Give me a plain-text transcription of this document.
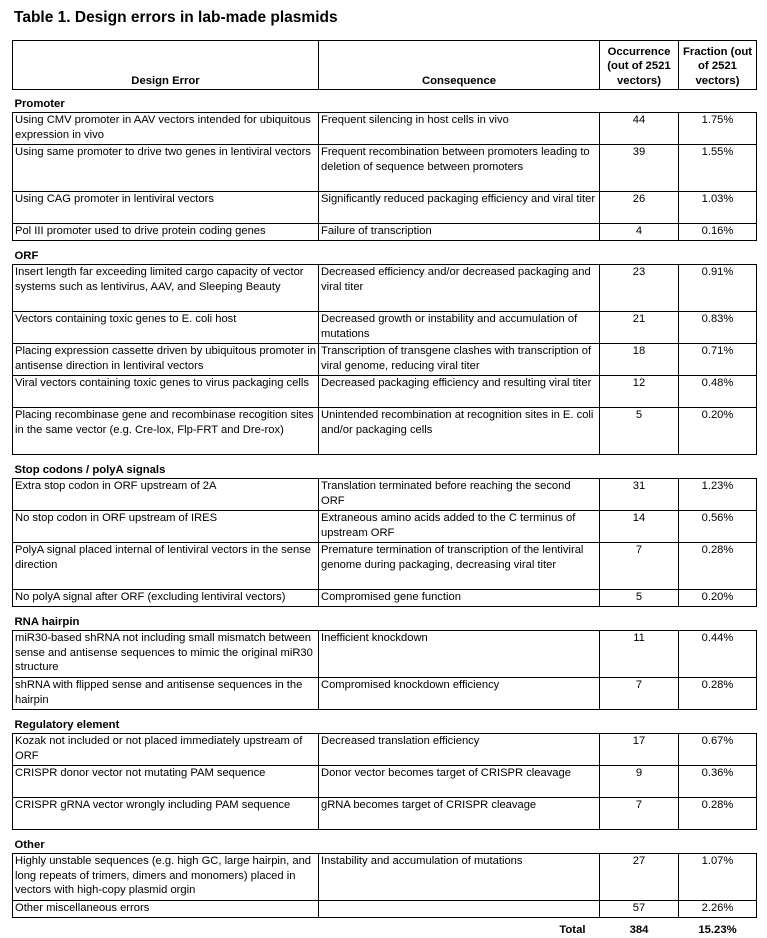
Table 1. Design errors in lab-made plasmids
Design Error	Consequence	Occurrence (out of 2521 vectors)	Fraction (out of 2521 vectors)
Promoter			
Using CMV promoter in AAV vectors intended for ubiquitous expression in vivo	Frequent silencing in host cells in vivo	44	1.75%
Using same promoter to drive two genes in lentiviral vectors	Frequent recombination between promoters leading to deletion of sequence between promoters	39	1.55%
Using CAG promoter in lentiviral vectors	Significantly reduced packaging efficiency and viral titer	26	1.03%
Pol III promoter used to drive protein coding genes	Failure of transcription	4	0.16%
ORF			
Insert length far exceeding limited cargo capacity of vector systems such as lentivirus, AAV, and Sleeping Beauty	Decreased efficiency and/or decreased packaging and viral titer	23	0.91%
Vectors containing toxic genes to E. coli host	Decreased growth or instability and accumulation of mutations	21	0.83%
Placing expression cassette driven by ubiquitous promoter in antisense direction in lentiviral vectors	Transcription of transgene clashes with transcription of viral genome, reducing viral titer	18	0.71%
Viral vectors containing toxic genes to virus packaging cells	Decreased packaging efficiency and resulting viral titer	12	0.48%
Placing recombinase gene and recombinase recogition sites in the same vector (e.g. Cre-lox, Flp-FRT and Dre-rox)	Unintended recombination at recognition sites in E. coli and/or packaging cells	5	0.20%
Stop codons / polyA signals			
Extra stop codon in ORF upstream of 2A	Translation terminated before reaching the second ORF	31	1.23%
No stop codon in ORF upstream of IRES	Extraneous amino acids added to the C terminus of upstream ORF	14	0.56%
PolyA signal placed internal of lentiviral vectors in the sense direction	Premature termination of transcription of the lentiviral genome during packaging, decreasing viral titer	7	0.28%
No polyA signal after ORF (excluding lentiviral vectors)	Compromised gene function	5	0.20%
RNA hairpin			
miR30-based shRNA not including small mismatch between sense and antisense sequences to mimic the original miR30 structure	Inefficient knockdown	11	0.44%
shRNA with flipped sense and antisense sequences in the hairpin	Compromised knockdown efficiency	7	0.28%
Regulatory element			
Kozak not included or not placed immediately upstream of ORF	Decreased translation efficiency	17	0.67%
CRISPR donor vector not mutating PAM sequence	Donor vector becomes target of CRISPR cleavage	9	0.36%
CRISPR gRNA vector wrongly including PAM sequence	gRNA becomes target of CRISPR cleavage	7	0.28%
Other			
Highly unstable sequences (e.g. high GC, large hairpin, and long repeats of trimers, dimers and monomers) placed in vectors with high-copy plasmid orgin	Instability and accumulation of mutations	27	1.07%
Other miscellaneous errors		57	2.26%
	Total	384	15.23%
